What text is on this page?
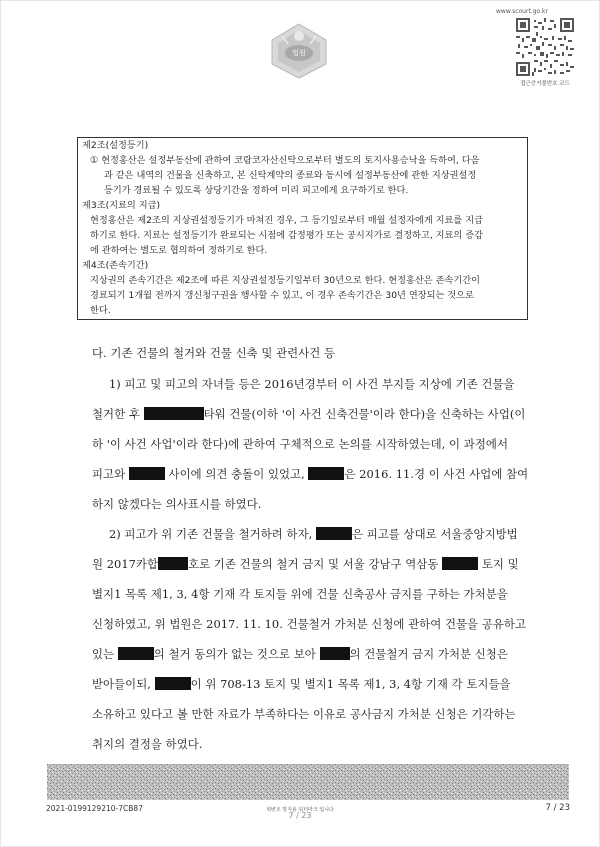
법원
www.scourt.go.kr
접근증거물번호 코드
제2조(설정등기)
① 현정홍산은 설정부동산에 관하여 코람코자산신탁으로부터 별도의 토지사용승낙을 득하여, 다음
과 같은 내역의 건물을 신축하고, 본 신탁계약의 종료와 동시에 설정부동산에 관한 지상권설정
등기가 경료될 수 있도록 상당기간을 정하여 미리 피고에게 요구하기로 한다.
제3조(지료의 지급)
현정홍산은 제2조의 지상권설정등기가 마쳐진 경우, 그 등기일로부터 매월 설정자에게 지료를 지급
하기로 한다. 지료는 설정등기가 완료되는 시점에 감정평가 또는 공시지가로 결정하고, 지료의 증감
에 관하여는 별도로 협의하여 정하기로 한다.
제4조(존속기간)
지상권의 존속기간은 제2조에 따른 지상권설정등기일부터 30년으로 한다. 현정홍산은 존속기간이
경료되기 1개월 전까지 갱신청구권을 행사할 수 있고, 이 경우 존속기간은 30년 연장되는 것으로
한다.
다. 기존 건물의 철거와 건물 신축 및 관련사건 등
1) 피고 및 피고의 자녀들 등은 2016년경부터 이 사건 부지들 지상에 기존 건물을
철거한 후	타워 건물(이하 '이 사건 신축건물'이라 한다)을 신축하는 사업(이
하 '이 사건 사업'이라 한다)에 관하여 구체적으로 논의를 시작하였는데, 이 과정에서
피고와	사이에 의견 충돌이 있었고,	은 2016. 11.경 이 사건 사업에 참여
하지 않겠다는 의사표시를 하였다.
2) 피고가 위 기존 건물을 철거하려 하자,	은 피고를 상대로 서울중앙지방법
원 2017카합	호로 기존 건물의 철거 금지 및 서울 강남구 역삼동	토지 및
별지1 목록 제1, 3, 4항 기재 각 토지들 위에 건물 신축공사 금지를 구하는 가처분을
신청하였고, 위 법원은 2017. 11. 10. 건물철거 가처분 신청에 관하여 건물을 공유하고
있는	의 철거 동의가 없는 것으로 보아	의 건물철거 금지 가처분 신청은
받아들이되,	이 위 708-13 토지 및 별지1 목록 제1, 3, 4항 기재 각 토지들을
소유하고 있다고 볼 만한 자료가 부족하다는 이유로 공사금지 가처분 신청은 기각하는
취지의 결정을 하였다.
2021-0199129210-7CB87	위변조 방지용 워터마크 입니다
7 / 23
7 / 23
